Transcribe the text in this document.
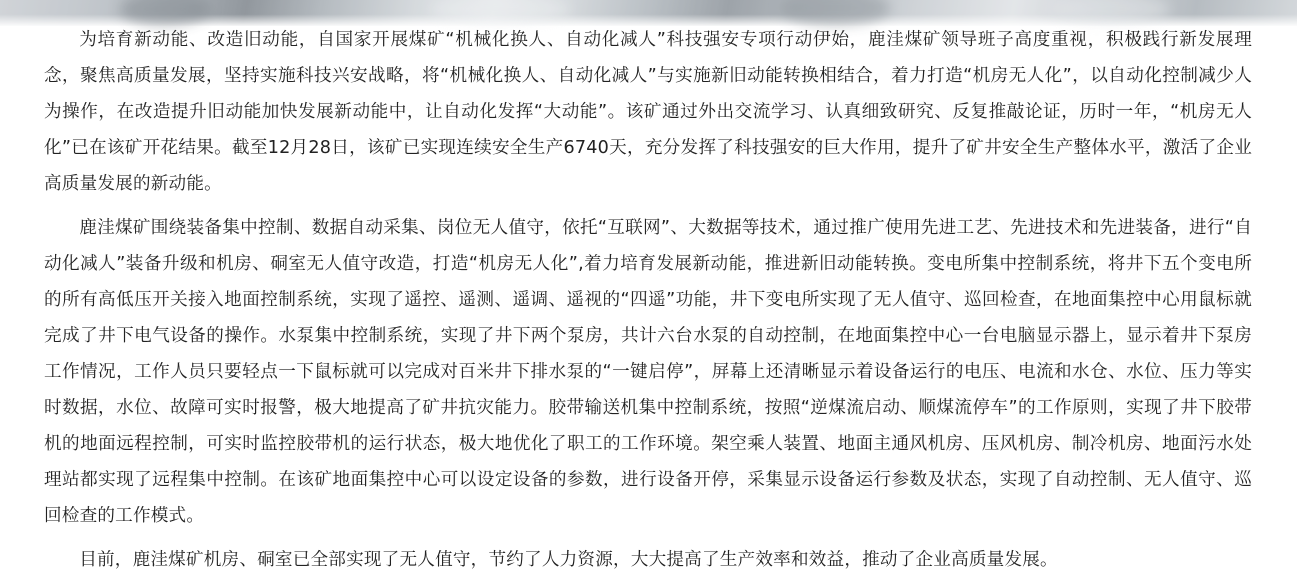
为培育新动能、改造旧动能，自国家开展煤矿“机械化换人、自动化减人”科技强安专项行动伊始，鹿洼煤矿领导班子高度重视，积极践行新发展理念，聚焦高质量发展，坚持实施科技兴安战略，将“机械化换人、自动化减人”与实施新旧动能转换相结合，着力打造“机房无人化”，以自动化控制减少人为操作，在改造提升旧动能加快发展新动能中，让自动化发挥“大动能”。该矿通过外出交流学习、认真细致研究、反复推敲论证，历时一年，“机房无人化”已在该矿开花结果。截至12月28日，该矿已实现连续安全生产6740天，充分发挥了科技强安的巨大作用，提升了矿井安全生产整体水平，激活了企业高质量发展的新动能。

鹿洼煤矿围绕装备集中控制、数据自动采集、岗位无人值守，依托“互联网”、大数据等技术，通过推广使用先进工艺、先进技术和先进装备，进行“自动化减人”装备升级和机房、硐室无人值守改造，打造“机房无人化”,着力培育发展新动能，推进新旧动能转换。变电所集中控制系统，将井下五个变电所的所有高低压开关接入地面控制系统，实现了遥控、遥测、遥调、遥视的“四遥”功能，井下变电所实现了无人值守、巡回检查，在地面集控中心用鼠标就完成了井下电气设备的操作。水泵集中控制系统，实现了井下两个泵房，共计六台水泵的自动控制，在地面集控中心一台电脑显示器上，显示着井下泵房工作情况，工作人员只要轻点一下鼠标就可以完成对百米井下排水泵的“一键启停”，屏幕上还清晰显示着设备运行的电压、电流和水仓、水位、压力等实时数据，水位、故障可实时报警，极大地提高了矿井抗灾能力。胶带输送机集中控制系统，按照“逆煤流启动、顺煤流停车”的工作原则，实现了井下胶带机的地面远程控制，可实时监控胶带机的运行状态，极大地优化了职工的工作环境。架空乘人装置、地面主通风机房、压风机房、制冷机房、地面污水处理站都实现了远程集中控制。在该矿地面集控中心可以设定设备的参数，进行设备开停，采集显示设备运行参数及状态，实现了自动控制、无人值守、巡回检查的工作模式。

目前，鹿洼煤矿机房、硐室已全部实现了无人值守，节约了人力资源，大大提高了生产效率和效益，推动了企业高质量发展。
